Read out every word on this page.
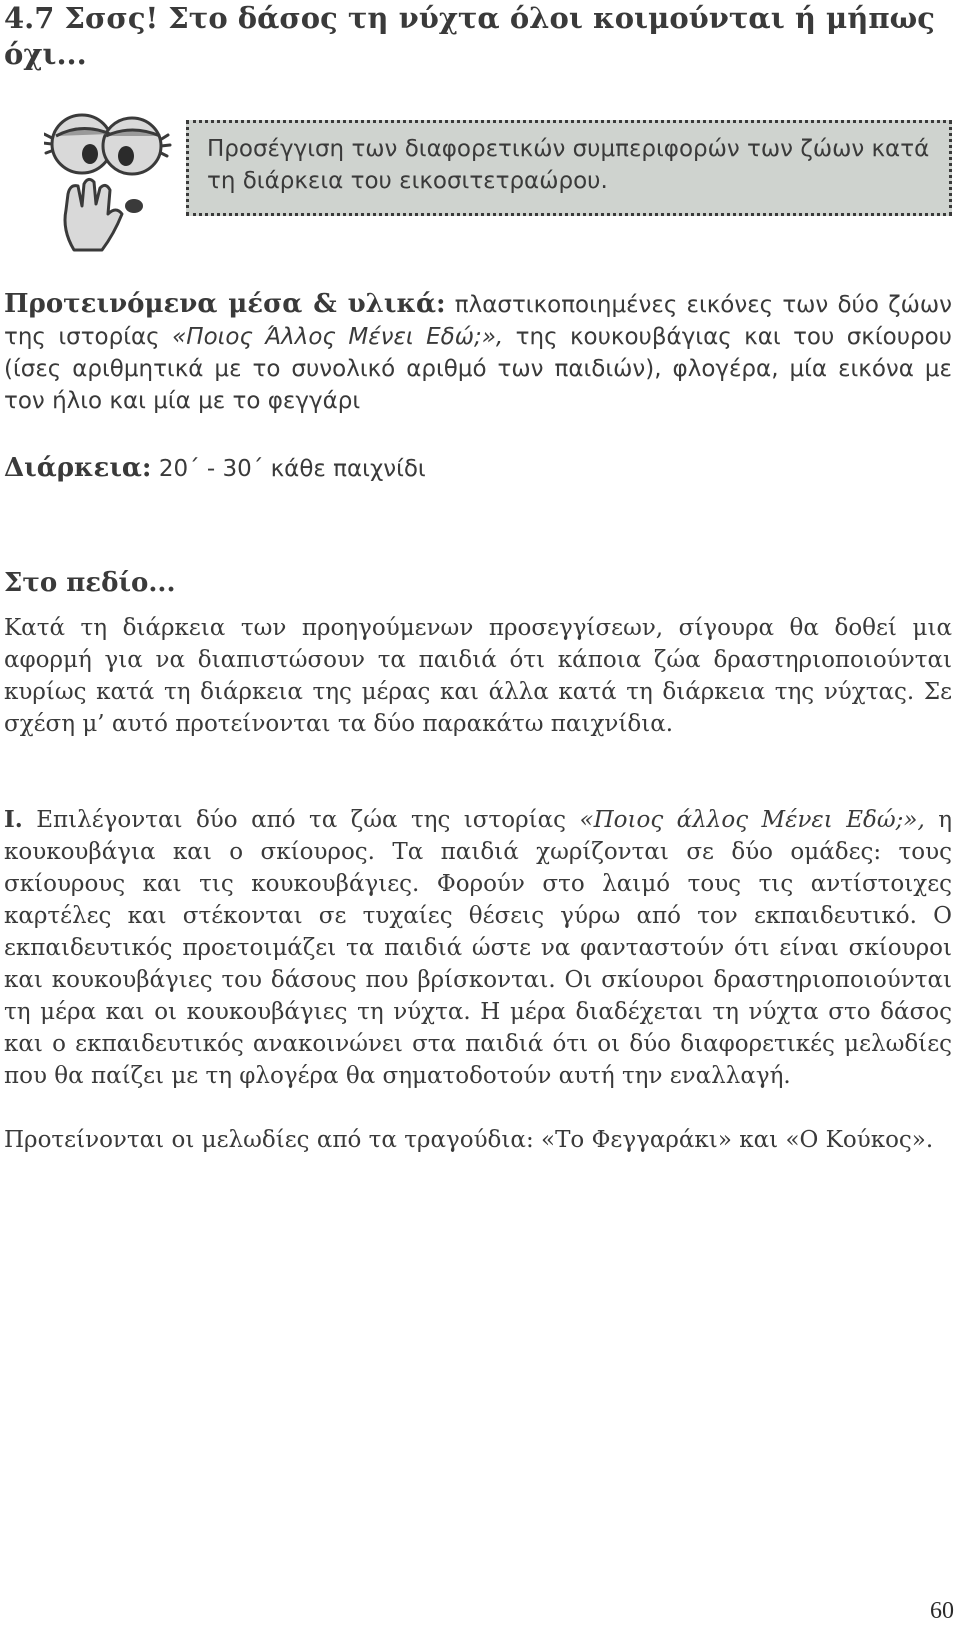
4.7 Σσσς! Στο δάσος τη νύχτα όλοι κοιμούνται ή μήπως όχι...
Προσέγγιση των διαφορετικών συμπεριφορών των ζώων κατά τη διάρκεια του εικοσιτετραώρου.

Προτεινόμενα μέσα & υλικά: πλαστικοποιημένες εικόνες των δύο ζώων της ιστορίας «Ποιος Άλλος Μένει Εδώ;», της κουκουβάγιας και του σκίουρου (ίσες αριθμητικά με το συνολικό αριθμό των παιδιών), φλογέρα, μία εικόνα με τον ήλιο και μία με το φεγγάρι

Διάρκεια: 20΄ - 30΄ κάθε παιχνίδι

Στο πεδίο...

Κατά τη διάρκεια των προηγούμενων προσεγγίσεων, σίγουρα θα δοθεί μια αφορμή για να διαπιστώσουν τα παιδιά ότι κάποια ζώα δραστηριοποιούνται κυρίως κατά τη διάρκεια της μέρας και άλλα κατά τη διάρκεια της νύχτας. Σε σχέση μ’ αυτό προτείνονται τα δύο παρακάτω παιχνίδια.

Ι. Επιλέγονται δύο από τα ζώα της ιστορίας «Ποιος άλλος Μένει Εδώ;», η κουκουβάγια και ο σκίουρος. Τα παιδιά χωρίζονται σε δύο ομάδες: τους σκίουρους και τις κουκουβάγιες. Φορούν στο λαιμό τους τις αντίστοιχες καρτέλες και στέκονται σε τυχαίες θέσεις γύρω από τον εκπαιδευτικό. Ο εκπαιδευτικός προετοιμάζει τα παιδιά ώστε να φανταστούν ότι είναι σκίουροι και κουκουβάγιες του δάσους που βρίσκονται. Οι σκίουροι δραστηριοποιούνται τη μέρα και οι κουκουβάγιες τη νύχτα. Η μέρα διαδέχεται τη νύχτα στο δάσος και ο εκπαιδευτικός ανακοινώνει στα παιδιά ότι οι δύο διαφορετικές μελωδίες που θα παίζει με τη φλογέρα θα σηματοδοτούν αυτή την εναλλαγή.

Προτείνονται οι μελωδίες από τα τραγούδια: «Το Φεγγαράκι» και «Ο Κούκος».

60
